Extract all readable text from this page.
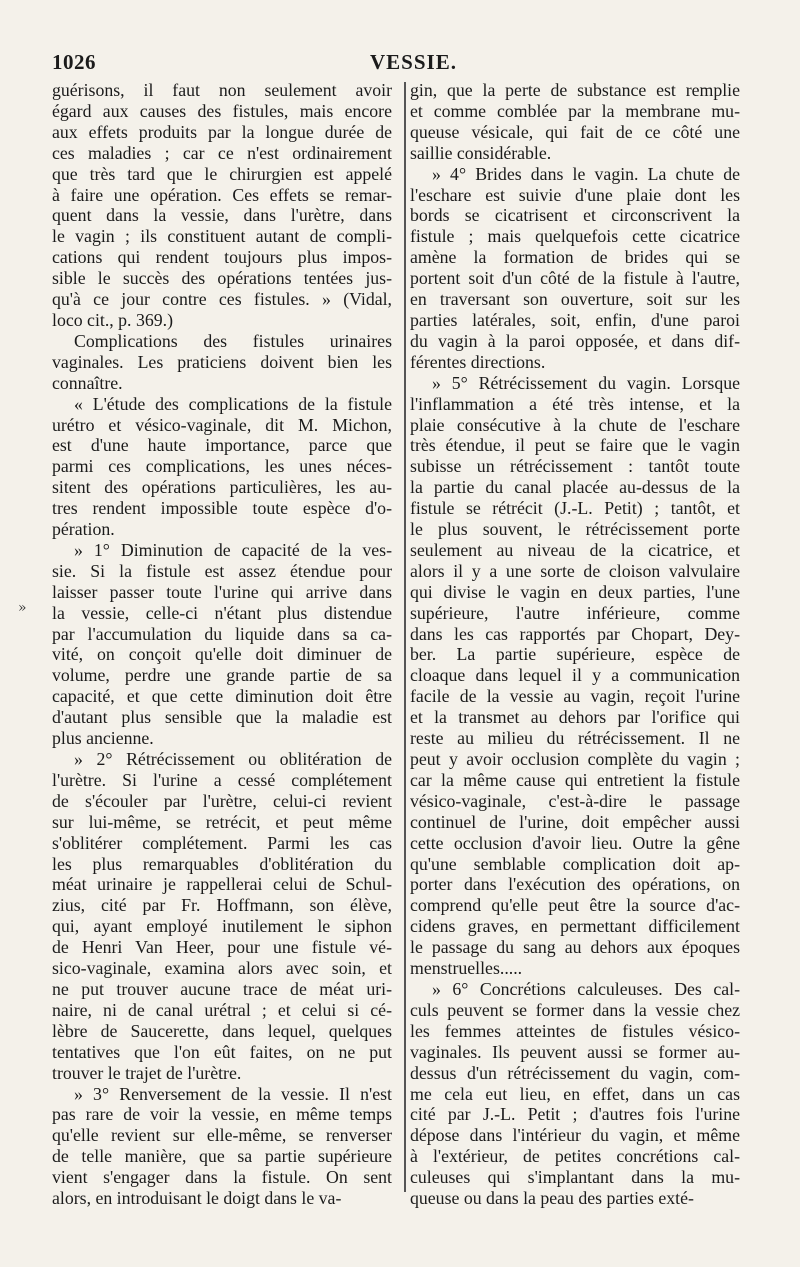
1026	VESSIE.
»
guérisons, il faut non seulement avoir
égard aux causes des fistules, mais encore
aux effets produits par la longue durée de
ces maladies ; car ce n'est ordinairement
que très tard que le chirurgien est appelé
à faire une opération. Ces effets se remar-
quent dans la vessie, dans l'urètre, dans
le vagin ; ils constituent autant de compli-
cations qui rendent toujours plus impos-
sible le succès des opérations tentées jus-
qu'à ce jour contre ces fistules. » (Vidal,
loco cit., p. 369.)
Complications des fistules urinaires
vaginales. Les praticiens doivent bien les
connaître.
« L'étude des complications de la fistule
urétro et vésico-vaginale, dit M. Michon,
est d'une haute importance, parce que
parmi ces complications, les unes néces-
sitent des opérations particulières, les au-
tres rendent impossible toute espèce d'o-
pération.
» 1° Diminution de capacité de la ves-
sie. Si la fistule est assez étendue pour
laisser passer toute l'urine qui arrive dans
la vessie, celle-ci n'étant plus distendue
par l'accumulation du liquide dans sa ca-
vité, on conçoit qu'elle doit diminuer de
volume, perdre une grande partie de sa
capacité, et que cette diminution doit être
d'autant plus sensible que la maladie est
plus ancienne.
» 2° Rétrécissement ou oblitération de
l'urètre. Si l'urine a cessé complétement
de s'écouler par l'urètre, celui-ci revient
sur lui-même, se retrécit, et peut même
s'oblitérer complétement. Parmi les cas
les plus remarquables d'oblitération du
méat urinaire je rappellerai celui de Schul-
zius, cité par Fr. Hoffmann, son élève,
qui, ayant employé inutilement le siphon
de Henri Van Heer, pour une fistule vé-
sico-vaginale, examina alors avec soin, et
ne put trouver aucune trace de méat uri-
naire, ni de canal urétral ; et celui si cé-
lèbre de Saucerette, dans lequel, quelques
tentatives que l'on eût faites, on ne put
trouver le trajet de l'urètre.
» 3° Renversement de la vessie. Il n'est
pas rare de voir la vessie, en même temps
qu'elle revient sur elle-même, se renverser
de telle manière, que sa partie supérieure
vient s'engager dans la fistule. On sent
alors, en introduisant le doigt dans le va-
gin, que la perte de substance est remplie
et comme comblée par la membrane mu-
queuse vésicale, qui fait de ce côté une
saillie considérable.
» 4° Brides dans le vagin. La chute de
l'eschare est suivie d'une plaie dont les
bords se cicatrisent et circonscrivent la
fistule ; mais quelquefois cette cicatrice
amène la formation de brides qui se
portent soit d'un côté de la fistule à l'autre,
en traversant son ouverture, soit sur les
parties latérales, soit, enfin, d'une paroi
du vagin à la paroi opposée, et dans dif-
férentes directions.
» 5° Rétrécissement du vagin. Lorsque
l'inflammation a été très intense, et la
plaie consécutive à la chute de l'eschare
très étendue, il peut se faire que le vagin
subisse un rétrécissement : tantôt toute
la partie du canal placée au-dessus de la
fistule se rétrécit (J.-L. Petit) ; tantôt, et
le plus souvent, le rétrécissement porte
seulement au niveau de la cicatrice, et
alors il y a une sorte de cloison valvulaire
qui divise le vagin en deux parties, l'une
supérieure, l'autre inférieure, comme
dans les cas rapportés par Chopart, Dey-
ber. La partie supérieure, espèce de
cloaque dans lequel il y a communication
facile de la vessie au vagin, reçoit l'urine
et la transmet au dehors par l'orifice qui
reste au milieu du rétrécissement. Il ne
peut y avoir occlusion complète du vagin ;
car la même cause qui entretient la fistule
vésico-vaginale, c'est-à-dire le passage
continuel de l'urine, doit empêcher aussi
cette occlusion d'avoir lieu. Outre la gêne
qu'une semblable complication doit ap-
porter dans l'exécution des opérations, on
comprend qu'elle peut être la source d'ac-
cidens graves, en permettant difficilement
le passage du sang au dehors aux époques
menstruelles.....
» 6° Concrétions calculeuses. Des cal-
culs peuvent se former dans la vessie chez
les femmes atteintes de fistules vésico-
vaginales. Ils peuvent aussi se former au-
dessus d'un rétrécissement du vagin, com-
me cela eut lieu, en effet, dans un cas
cité par J.-L. Petit ; d'autres fois l'urine
dépose dans l'intérieur du vagin, et même
à l'extérieur, de petites concrétions cal-
culeuses qui s'implantant dans la mu-
queuse ou dans la peau des parties exté-
